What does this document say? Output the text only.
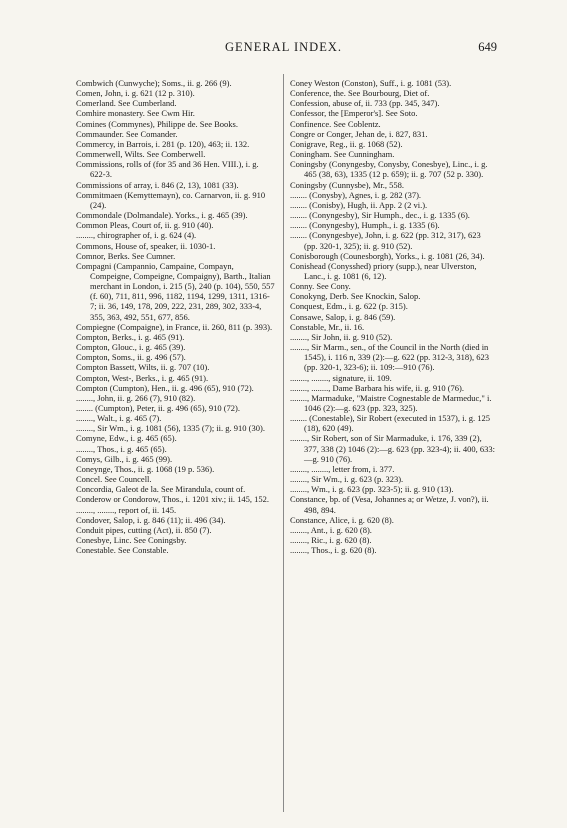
GENERAL INDEX.	649

Combwich (Cunwyche); Soms., ii. g. 266 (9).

Comen, John, i. g. 621 (12 p. 310).

Comerland. See Cumberland.

Comhire monastery. See Cwm Hir.

Comines (Commynes), Philippe de. See Books.

Commaunder. See Comander.

Commercy, in Barrois, i. 281 (p. 120), 463; ii. 132.

Commerwell, Wilts. See Comberwell.

Commissions, rolls of (for 35 and 36 Hen. VIII.), i. g. 622-3.

Commissions of array, i. 846 (2, 13), 1081 (33).

Commitmaen (Kemyttemayn), co. Carnarvon, ii. g. 910 (24).

Commondale (Dolmandale). Yorks., i. g. 465 (39).

Common Pleas, Court of, ii. g. 910 (40).

........, chirographer of, i. g. 624 (4).

Commons, House of, speaker, ii. 1030-1.

Comnor, Berks. See Cumner.

Compagni (Campannio, Campaine, Compayn, Compeigne, Compeigne, Compaigny), Barth., Italian merchant in London, i. 215 (5), 240 (p. 104), 550, 557 (f. 60), 711, 811, 996, 1182, 1194, 1299, 1311, 1316-7; ii. 36, 149, 178, 209, 222, 231, 289, 302, 333-4, 355, 363, 492, 551, 677, 856.

Compiegne (Compaigne), in France, ii. 260, 811 (p. 393).

Compton, Berks., i. g. 465 (91).

Compton, Glouc., i. g. 465 (39).

Compton, Soms., ii. g. 496 (57).

Compton Bassett, Wilts, ii. g. 707 (10).

Compton, West-, Berks., i. g. 465 (91).

Compton (Cumpton), Hen., ii. g. 496 (65), 910 (72).

........, John, ii. g. 266 (7), 910 (82).

........ (Cumpton), Peter, ii. g. 496 (65), 910 (72).

........, Walt., i. g. 465 (7).

........, Sir Wm., i. g. 1081 (56), 1335 (7); ii. g. 910 (30).

Comyne, Edw., i. g. 465 (65).

........, Thos., i. g. 465 (65).

Comys, Gilb., i. g. 465 (99).

Coneynge, Thos., ii. g. 1068 (19 p. 536).

Concel. See Councell.

Concordia, Galeot de la. See Mirandula, count of.

Conderow or Condorow, Thos., i. 1201 xiv.; ii. 145, 152.

........, ........, report of, ii. 145.

Condover, Salop, i. g. 846 (11); ii. 496 (34).

Conduit pipes, cutting (Act), ii. 850 (7).

Conesbye, Linc. See Coningsby.

Conestable. See Constable.

Coney Weston (Conston), Suff., i. g. 1081 (53).

Conference, the. See Bourbourg, Diet of.

Confession, abuse of, ii. 733 (pp. 345, 347).

Confessor, the [Emperor's]. See Soto.

Confinence. See Coblentz.

Congre or Conger, Jehan de, i. 827, 831.

Conigrave, Reg., ii. g. 1068 (52).

Coningham. See Cunningham.

Coningsby (Conyngesby, Conysby, Conesbye), Linc., i. g. 465 (38, 63), 1335 (12 p. 659); ii. g. 707 (52 p. 330).

Coningsby (Cunnysbe), Mr., 558.

........ (Conysby), Agnes, i. g. 282 (37).

........ (Conisby), Hugh, ii. App. 2 (2 vi.).

........ (Conyngesby), Sir Humph., dec., i. g. 1335 (6).

........ (Conyngesby), Humph., i. g. 1335 (6).

........ (Conyngesbye), John, i. g. 622 (pp. 312, 317), 623 (pp. 320-1, 325); ii. g. 910 (52).

Conisborough (Counesborgh), Yorks., i. g. 1081 (26, 34).

Conishead (Conysshed) priory (supp.), near Ulverston, Lanc., i. g. 1081 (6, 12).

Conny. See Cony.

Conokyng, Derb. See Knockin, Salop.

Conquest, Edm., i. g. 622 (p. 315).

Consawe, Salop, i. g. 846 (59).

Constable, Mr., ii. 16.

........, Sir John, ii. g. 910 (52).

........, Sir Marm., sen., of the Council in the North (died in 1545), i. 116 n, 339 (2):—g. 622 (pp. 312-3, 318), 623 (pp. 320-1, 323-6); ii. 109:—910 (76).

........, ........, signature, ii. 109.

........, ........, Dame Barbara his wife, ii. g. 910 (76).

........, Marmaduke, "Maistre Cognestable de Marmeduc," i. 1046 (2):—g. 623 (pp. 323, 325).

........ (Conestable), Sir Robert (executed in 1537), i. g. 125 (18), 620 (49).

........, Sir Robert, son of Sir Marmaduke, i. 176, 339 (2), 377, 338 (2) 1046 (2):—g. 623 (pp. 323-4); ii. 400, 633:—g. 910 (76).

........, ........, letter from, i. 377.

........, Sir Wm., i. g. 623 (p. 323).

........, Wm., i. g. 623 (pp. 323-5); ii. g. 910 (13).

Constance, bp. of (Vesa, Johannes a; or Wetze, J. von?), ii. 498, 894.

Constance, Alice, i. g. 620 (8).

........, Ant., i. g. 620 (8).

........, Ric., i. g. 620 (8).

........, Thos., i. g. 620 (8).
